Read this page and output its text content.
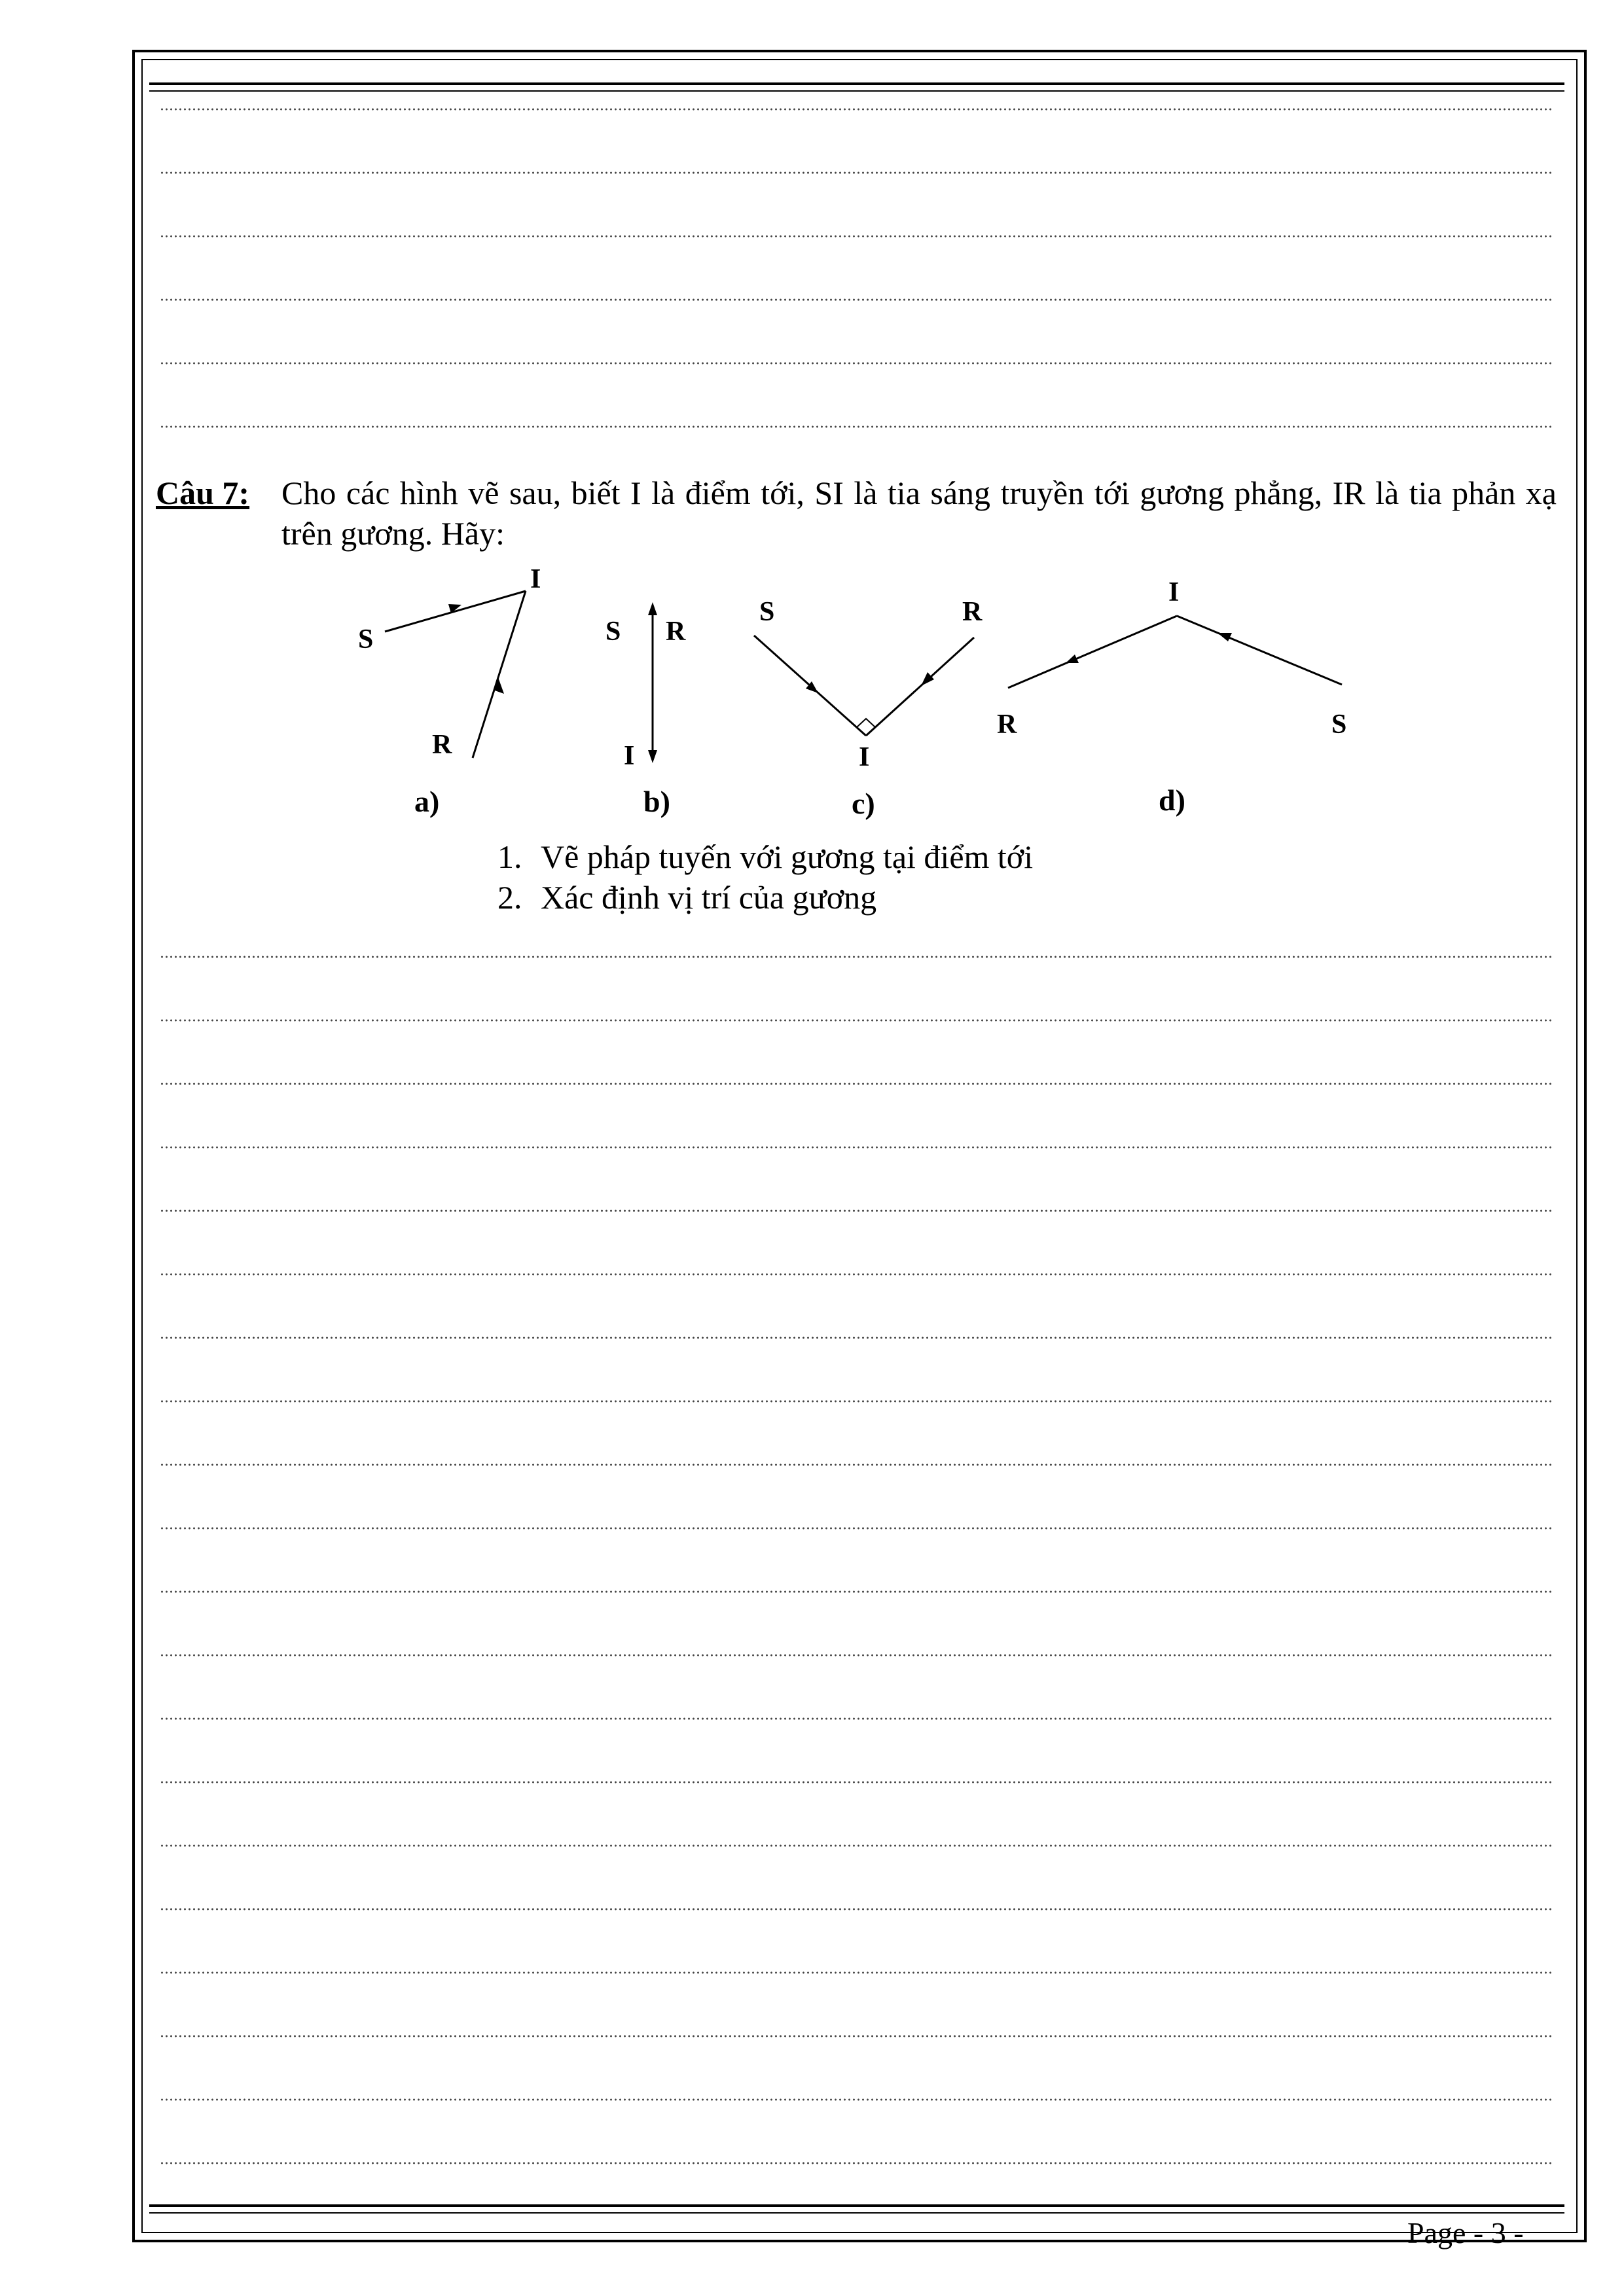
Câu 7: Cho các hình vẽ sau, biết I là điểm tới, SI là tia sáng truyền tới gương phẳng, IR là tia phản xạ trên gương. Hãy:
S
I
R
a)
S R
I
b)
S	R
I
c)
I
R	S
d)
1. Vẽ pháp tuyến với gương tại điểm tới
2. Xác định vị trí của gương
Page - 3 -
